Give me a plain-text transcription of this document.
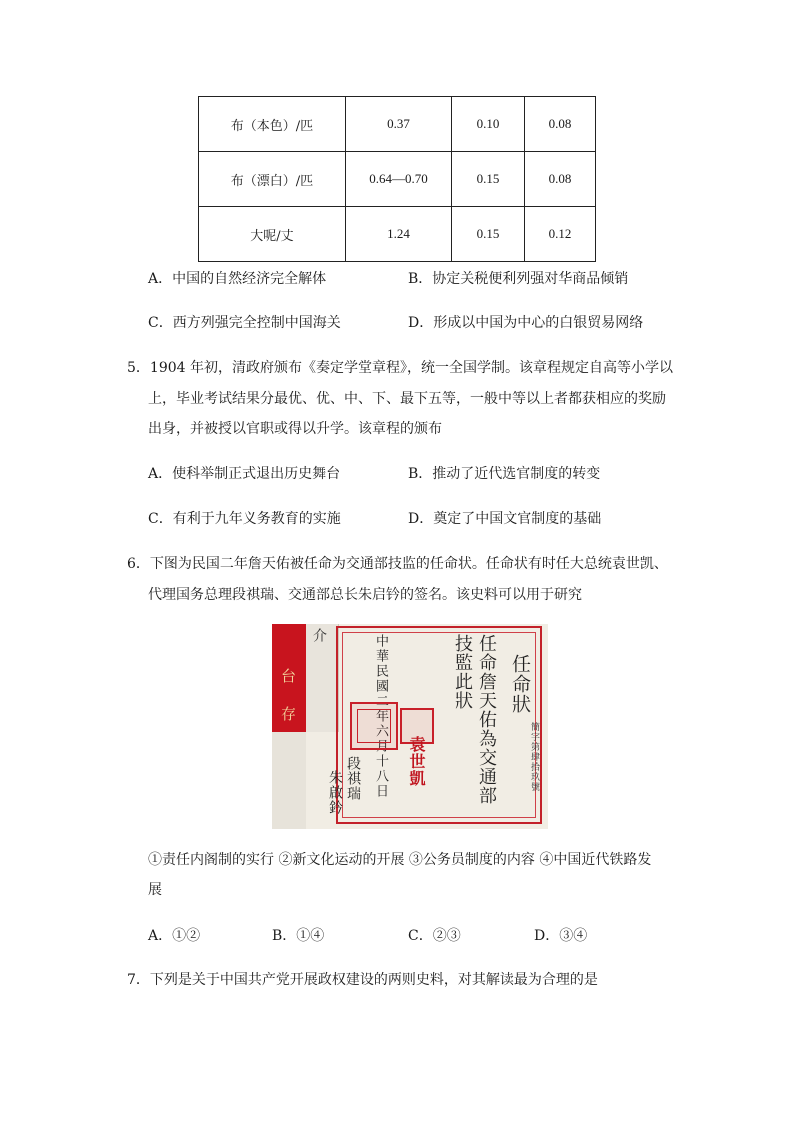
布（本色）/匹	0.37	0.10	0.08
布（漂白）/匹	0.64—0.70	0.15	0.08
大呢/丈	1.24	0.15	0.12
A．中国的自然经济完全解体	B．协定关税便利列强对华商品倾销
C．西方列强完全控制中国海关	D．形成以中国为中心的白银贸易网络
5．1904 年初，清政府颁布《奏定学堂章程》，统一全国学制。该章程规定自高等小学以
上，毕业考试结果分最优、优、中、下、最下五等，一般中等以上者都获相应的奖励
出身，并被授以官职或得以升学。该章程的颁布
A．使科举制正式退出历史舞台	B．推动了近代选官制度的转变
C．有利于九年义务教育的实施	D．奠定了中国文官制度的基础
6．下图为民国二年詹天佑被任命为交通部技监的任命状。任命状有时任大总统袁世凯、
代理国务总理段祺瑞、交通部总长朱启钤的签名。该史料可以用于研究
介
台
存	任命狀
簡字第肆拾玖號
任命詹天佑為交通部
技監此狀
中華民國二年六月十八日 袁世凱
段祺瑞
朱啟鈐
①责任内阁制的实行 ②新文化运动的开展 ③公务员制度的内容 ④中国近代铁路发
展
A．①②	B．①④	C．②③	D．③④
7．下列是关于中国共产党开展政权建设的两则史料，对其解读最为合理的是
